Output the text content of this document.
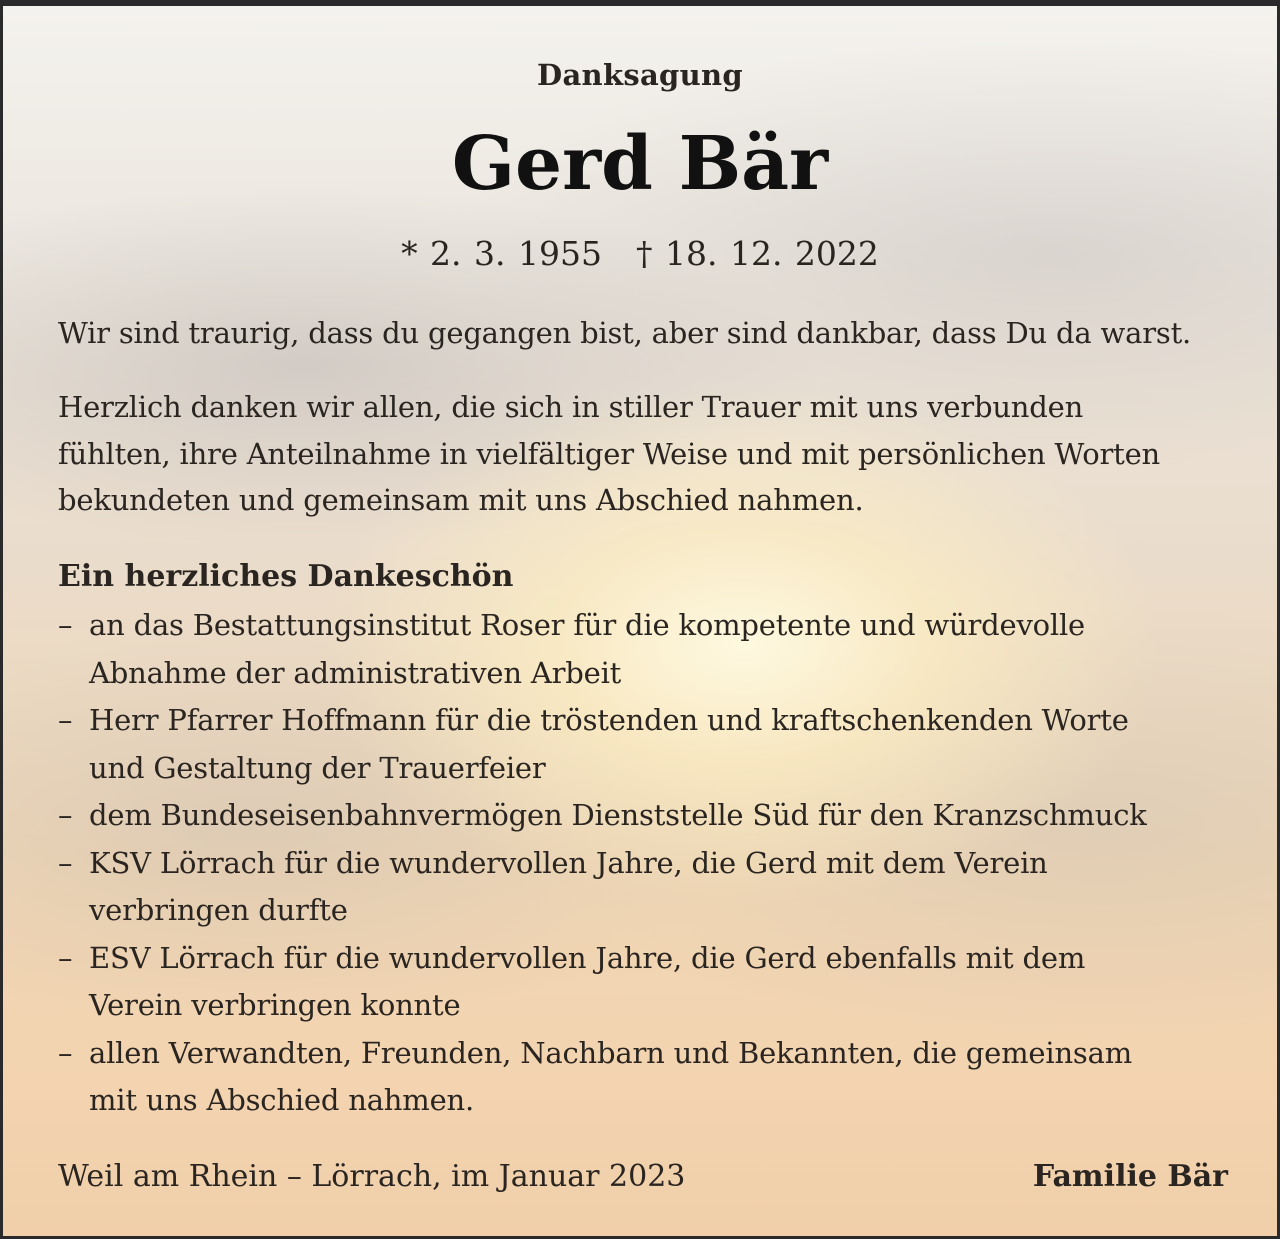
Danksagung
Gerd Bär
* 2. 3. 1955 † 18. 12. 2022
Wir sind traurig, dass du gegangen bist, aber sind dankbar, dass Du da warst.
Herzlich danken wir allen, die sich in stiller Trauer mit uns verbunden
fühlten, ihre Anteilnahme in vielfältiger Weise und mit persönlichen Worten
bekundeten und gemeinsam mit uns Abschied nahmen.
Ein herzliches Dankeschön
– an das Bestattungsinstitut Roser für die kompetente und würdevolle
Abnahme der administrativen Arbeit
– Herr Pfarrer Hoffmann für die tröstenden und kraftschenkenden Worte
und Gestaltung der Trauerfeier
– dem Bundeseisenbahnvermögen Dienststelle Süd für den Kranzschmuck
– KSV Lörrach für die wundervollen Jahre, die Gerd mit dem Verein
verbringen durfte
– ESV Lörrach für die wundervollen Jahre, die Gerd ebenfalls mit dem
Verein verbringen konnte
– allen Verwandten, Freunden, Nachbarn und Bekannten, die gemeinsam
mit uns Abschied nahmen.
Weil am Rhein – Lörrach, im Januar 2023	Familie Bär
